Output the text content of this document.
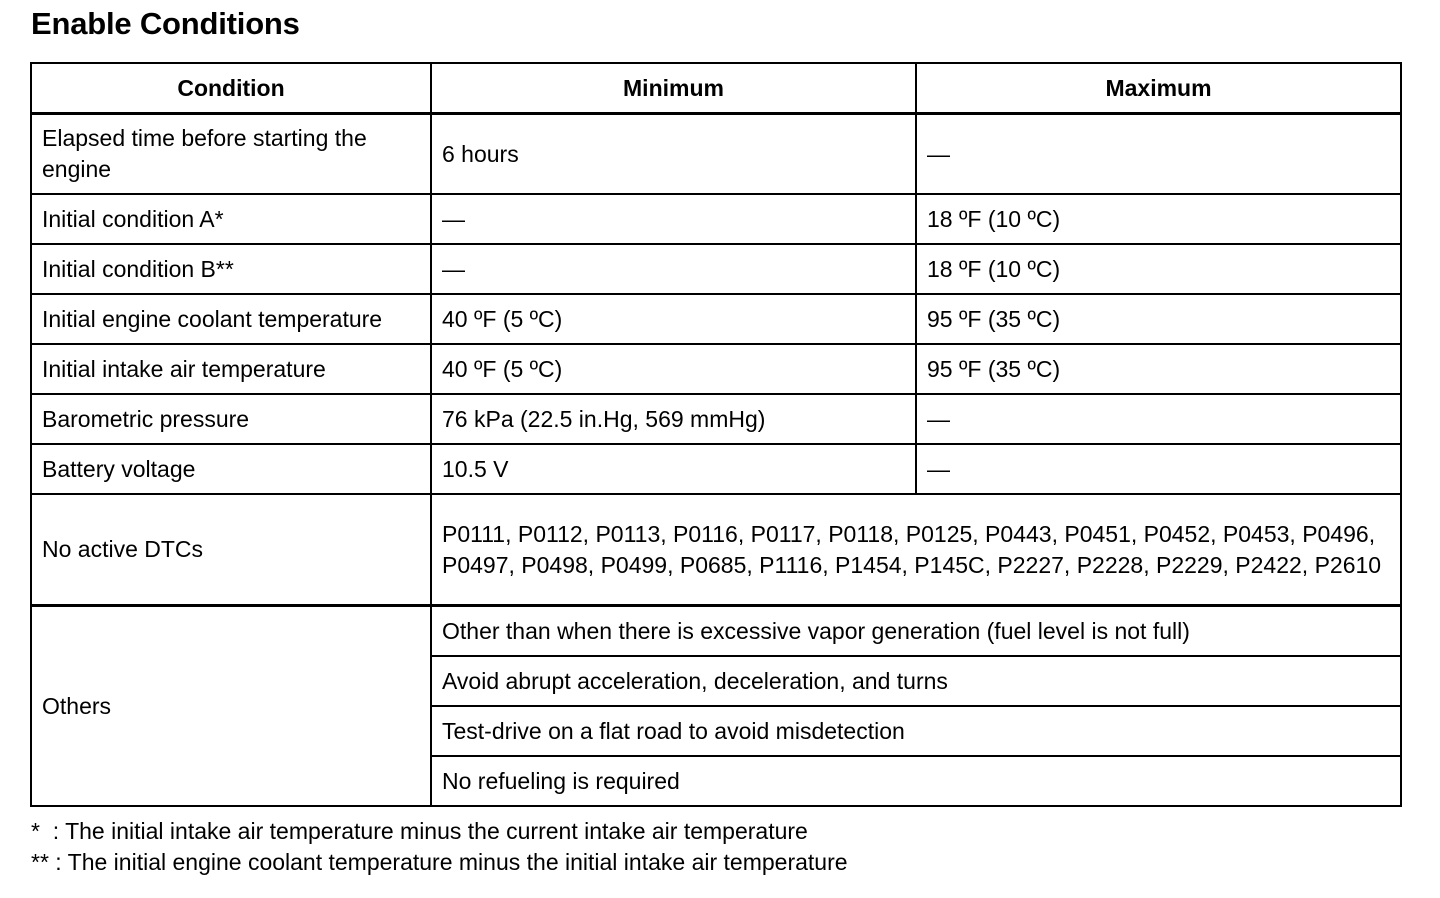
Enable Conditions
Condition	Minimum	Maximum
Elapsed time before starting the engine	6 hours	—
Initial condition A*	—	18 ºF (10 ºC)
Initial condition B**	—	18 ºF (10 ºC)
Initial engine coolant temperature	40 ºF (5 ºC)	95 ºF (35 ºC)
Initial intake air temperature	40 ºF (5 ºC)	95 ºF (35 ºC)
Barometric pressure	76 kPa (22.5 in.Hg, 569 mmHg)	—
Battery voltage	10.5 V	—
No active DTCs	P0111, P0112, P0113, P0116, P0117, P0118, P0125, P0443, P0451, P0452, P0453, P0496, P0497, P0498, P0499, P0685, P1116, P1454, P145C, P2227, P2228, P2229, P2422, P2610	
Others	Other than when there is excessive vapor generation (fuel level is not full)	
	Avoid abrupt acceleration, deceleration, and turns	
	Test-drive on a flat road to avoid misdetection	
	No refueling is required	
*  : The initial intake air temperature minus the current intake air temperature
** : The initial engine coolant temperature minus the initial intake air temperature
